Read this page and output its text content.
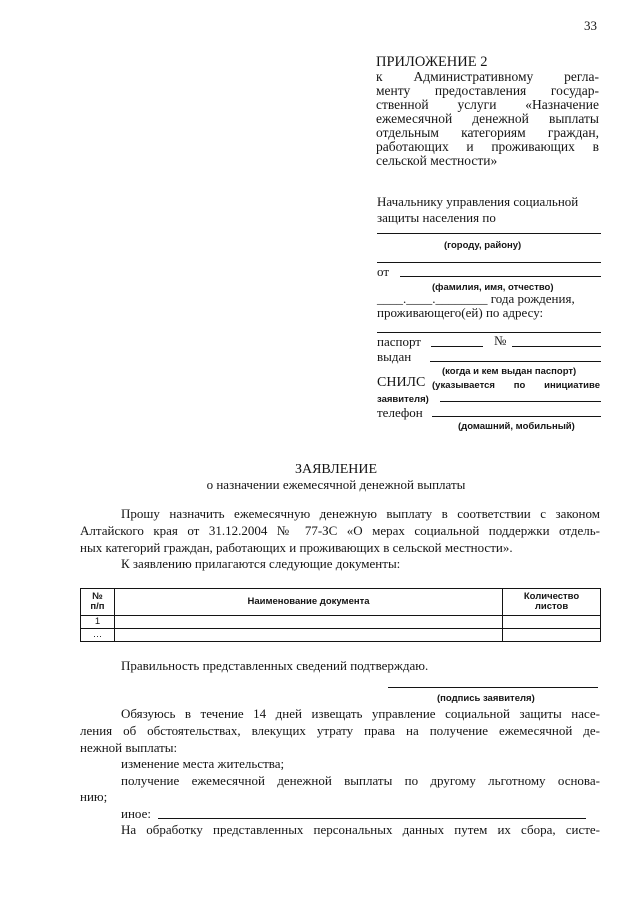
33
ПРИЛОЖЕНИЕ 2
к Административному регла-
менту предоставления государ-
ственной услуги «Назначение
ежемесячной денежной выплаты
отдельным категориям граждан,
работающих и проживающих в
сельской местности»
Начальнику управления социальной
защиты населения по
(городу, району)
от
(фамилия, имя, отчество)
____.____.________ года рождения,
проживающего(ей) по адресу:
паспорт	№
выдан
(когда и кем выдан паспорт)
СНИЛС (указывается по инициативе
заявителя)
телефон
(домашний, мобильный)
ЗАЯВЛЕНИЕ
о назначении ежемесячной денежной выплаты
Прошу назначить ежемесячную денежную выплату в соответствии с законом
Алтайского края от 31.12.2004 № 77-ЗС «О мерах социальной поддержки отдель-
ных категорий граждан, работающих и проживающих в сельской местности».
К заявлению прилагаются следующие документы:
№ п/п	Наименование документа	Количество листов
1		
…		
Правильность представленных сведений подтверждаю.
(подпись заявителя)
Обязуюсь в течение 14 дней извещать управление социальной защиты насе-
ления об обстоятельствах, влекущих утрату права на получение ежемесячной де-
нежной выплаты:
изменение места жительства;
получение ежемесячной денежной выплаты по другому льготному основа-
нию;
иное:
На обработку представленных персональных данных путем их сбора, систе-
